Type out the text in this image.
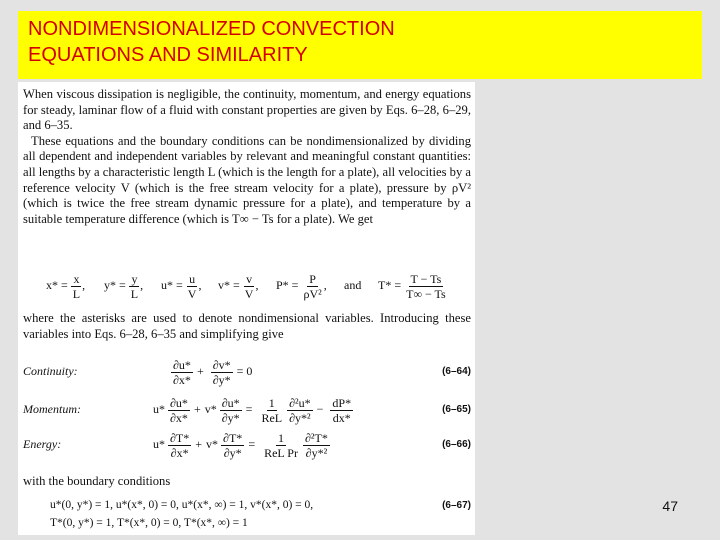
NONDIMENSIONALIZED CONVECTION
EQUATIONS AND SIMILARITY

When viscous dissipation is negligible, the continuity, momentum, and energy equations for steady, laminar flow of a fluid with constant properties are given by Eqs. 6–28, 6–29, and 6–35.

These equations and the boundary conditions can be nondimensionalized by dividing all dependent and independent variables by relevant and meaningful constant quantities: all lengths by a characteristic length L (which is the length for a plate), all velocities by a reference velocity V (which is the free stream velocity for a plate), pressure by ρV² (which is twice the free stream dynamic pressure for a plate), and temperature by a suitable temperature difference (which is T∞ − Ts for a plate). We get

$x* = \frac{x}{L}$ , $y* = \frac{y}{L}$ , $u* = \frac{u}{V}$ , $v* = \frac{v}{V}$ , $P* = \frac{P}{\text{ρV²}}$ , and $T* = \frac{T - Ts}{T\infty - Ts}$

where the asterisks are used to denote nondimensional variables. Introducing these variables into Eqs. 6–28, 6–35 and simplifying give

Continuity:	$\frac{\partial u*}{\partial x*} + \frac{\partial v*}{\partial y*} = 0$	(6–64)
Momentum:	$u* \frac{\partial u*}{\partial x*} + v* \frac{\partial u*}{\partial y*} = \frac{1}{\text{ReL}} \frac{\text{∂²u*}}{\text{∂y*²}} - \frac{dP*}{dx*}$	(6–65)
Energy:	$u* \frac{\partial T*}{\partial x*} + v* \frac{\partial T*}{\partial y*} = \frac{1}{\text{ReL Pr}} \frac{\text{∂²T*}}{\text{∂y*²}}$	(6–66)
with the boundary conditions
u*(0, y*) = 1, u*(x*, 0) = 0, u*(x*, ∞) = 1, v*(x*, 0) = 0,	(6–67)
T*(0, y*) = 1, T*(x*, 0) = 0, T*(x*, ∞) = 1
47
